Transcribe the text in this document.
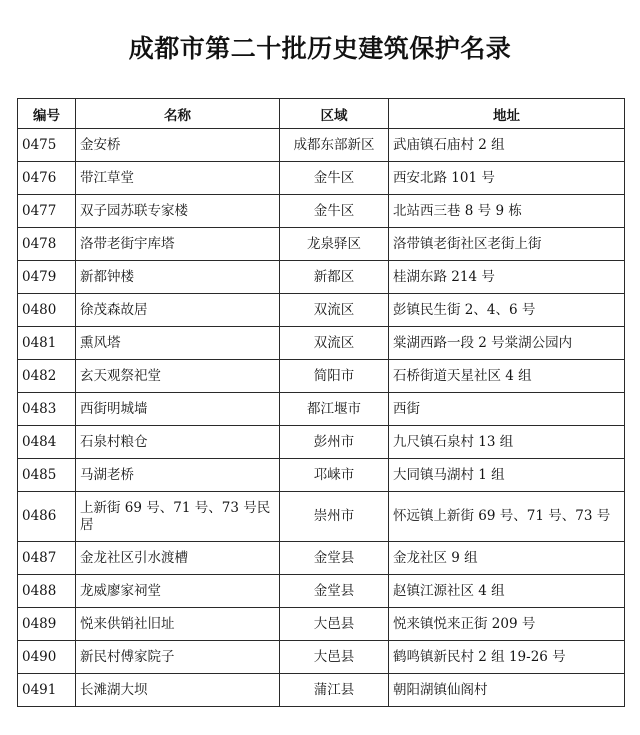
成都市第二十批历史建筑保护名录
编号	名称	区域	地址
0475	金安桥	成都东部新区	武庙镇石庙村 2 组
0476	带江草堂	金牛区	西安北路 101 号
0477	双子园苏联专家楼	金牛区	北站西三巷 8 号 9 栋
0478	洛带老街宇库塔	龙泉驿区	洛带镇老街社区老街上街
0479	新都钟楼	新都区	桂湖东路 214 号
0480	徐茂森故居	双流区	彭镇民生街 2、4、6 号
0481	熏风塔	双流区	棠湖西路一段 2 号棠湖公园内
0482	玄天观祭祀堂	简阳市	石桥街道天星社区 4 组
0483	西街明城墙	都江堰市	西街
0484	石泉村粮仓	彭州市	九尺镇石泉村 13 组
0485	马湖老桥	邛崃市	大同镇马湖村 1 组
0486	上新街 69 号、71 号、73 号民居	崇州市	怀远镇上新街 69 号、71 号、73 号
0487	金龙社区引水渡槽	金堂县	金龙社区 9 组
0488	龙威廖家祠堂	金堂县	赵镇江源社区 4 组
0489	悦来供销社旧址	大邑县	悦来镇悦来正街 209 号
0490	新民村傅家院子	大邑县	鹤鸣镇新民村 2 组 19-26 号
0491	长滩湖大坝	蒲江县	朝阳湖镇仙阁村
